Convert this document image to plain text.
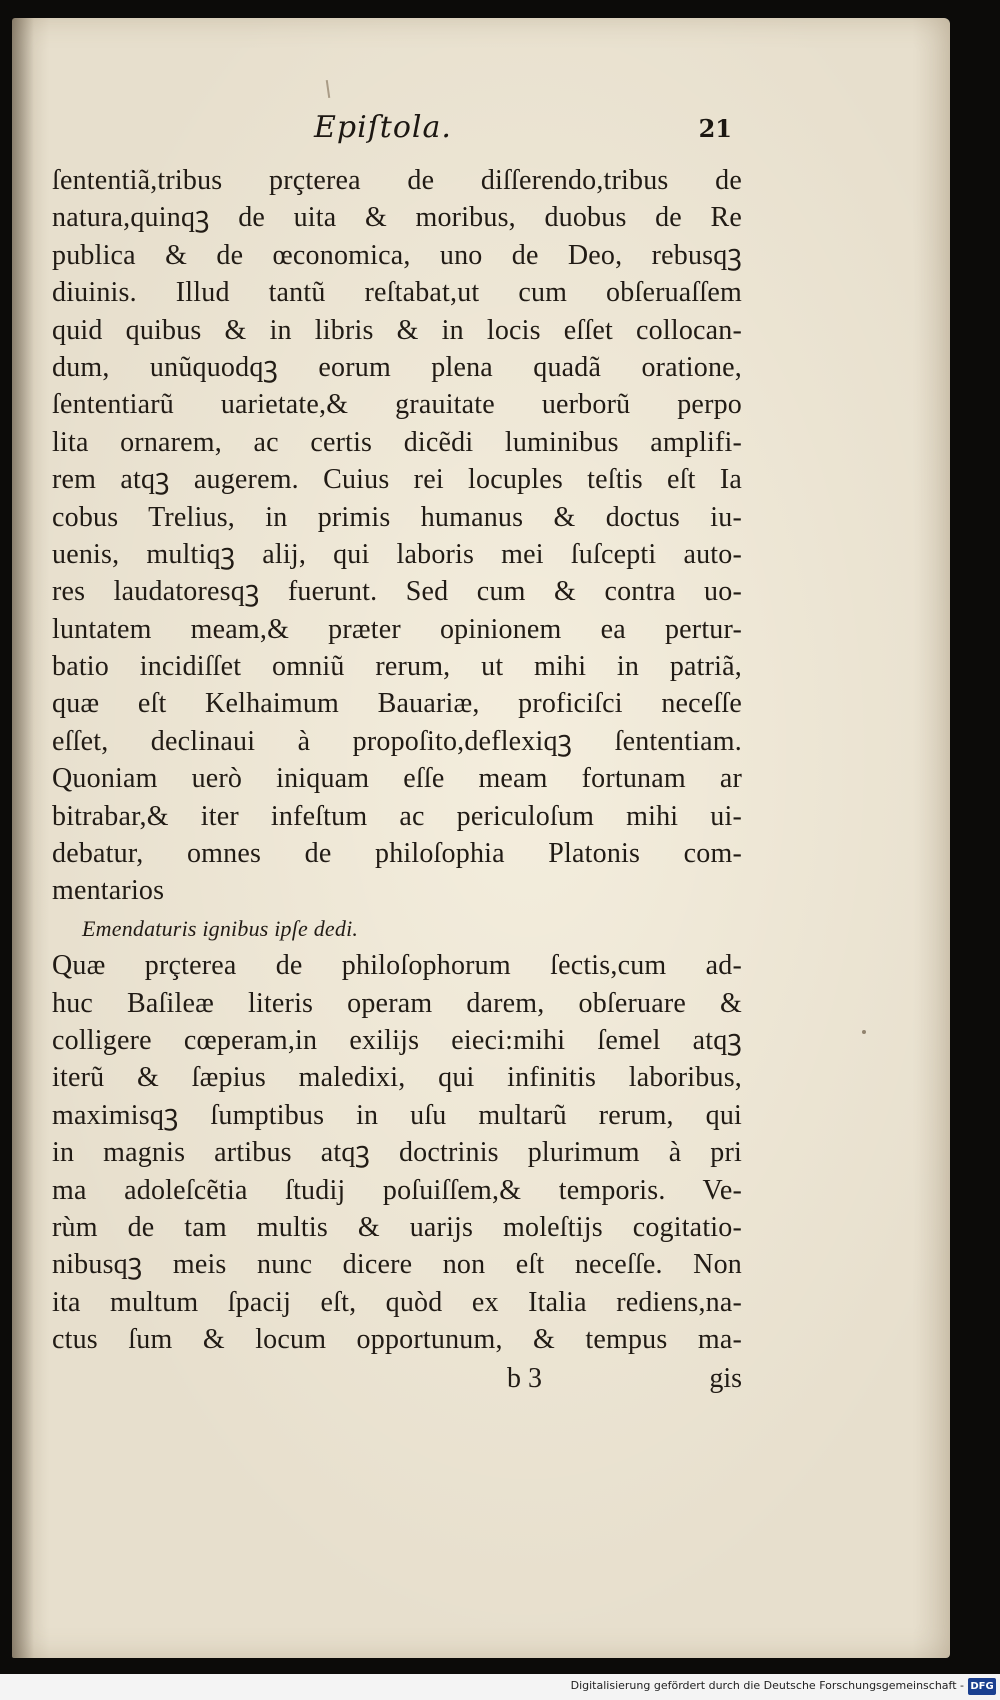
Epiſtola.	21
ſententiã,tribus prçterea de diſſerendo,tribus de
natura,quinqꝫ de uita & moribus, duobus de Re
publica & de œconomica, uno de Deo, rebusqꝫ
diuinis. Illud tantũ reſtabat,ut cum obſeruaſſem
quid quibus & in libris & in locis eſſet collocan-
dum, unũquodqꝫ eorum plena quadã oratione,
ſententiarũ uarietate,& grauitate uerborũ perpo
lita ornarem, ac certis dicẽdi luminibus amplifi-
rem atqꝫ augerem. Cuius rei locuples teſtis eſt Ia
cobus Trelius, in primis humanus & doctus iu-
uenis, multiqꝫ alij, qui laboris mei ſuſcepti auto-
res laudatoresqꝫ fuerunt. Sed cum & contra uo-
luntatem meam,& præter opinionem ea pertur-
batio incidiſſet omniũ rerum, ut mihi in patriã,
quæ eſt Kelhaimum Bauariæ, proficiſci neceſſe
eſſet, declinaui à propoſito,deflexiqꝫ ſententiam.
Quoniam uerò iniquam eſſe meam fortunam ar
bitrabar,& iter infeſtum ac periculoſum mihi ui-
debatur, omnes de philoſophia Platonis com-
mentarios
Emendaturis ignibus ipſe dedi.
Quæ prçterea de philoſophorum ſectis,cum ad-
huc Baſileæ literis operam darem, obſeruare &
colligere cœperam,in exilijs eieci:mihi ſemel atqꝫ
iterũ & ſæpius maledixi, qui infinitis laboribus,
maximisqꝫ ſumptibus in uſu multarũ rerum, qui
in magnis artibus atqꝫ doctrinis plurimum à pri
ma adoleſcẽtia ſtudij poſuiſſem,& temporis. Ve-
rùm de tam multis & uarijs moleſtijs cogitatio-
nibusqꝫ meis nunc dicere non eſt neceſſe. Non
ita multum ſpacij eſt, quòd ex Italia rediens,na-
ctus ſum & locum opportunum, & tempus ma-
b 3	gis
Digitalisierung gefördert durch die Deutsche Forschungsgemeinschaft - DFG
